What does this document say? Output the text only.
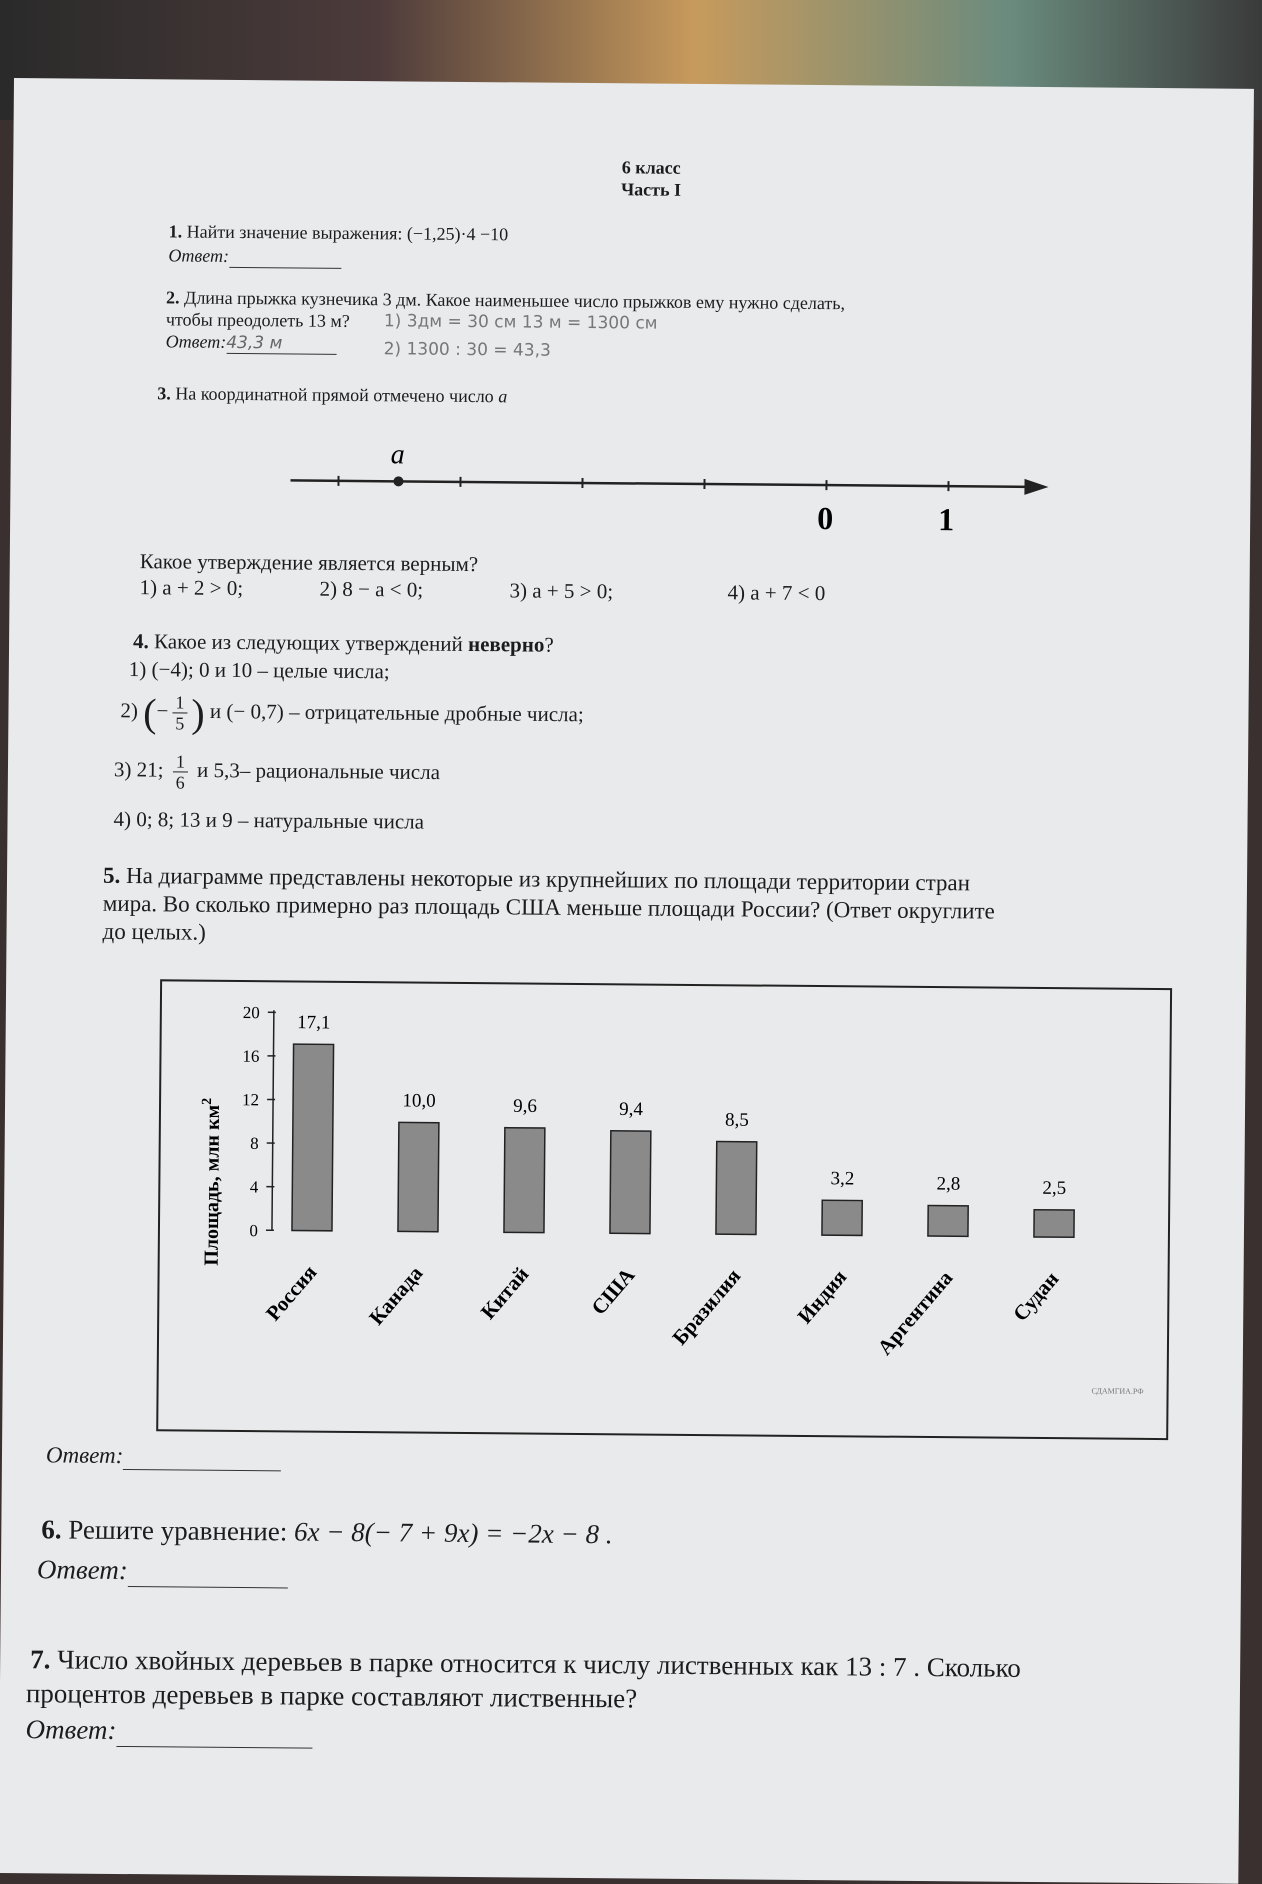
6 класс
Часть I
1. Найти значение выражения: (−1,25)·4 −10
Ответ:
2. Длина прыжка кузнечика 3 дм. Какое наименьшее число прыжков ему нужно сделать,
чтобы преодолеть 13 м? 1) 3дм = 30 см 13 м = 1300 см
Ответ:43,3 м	2) 1300 : 30 = 43,3
3. На координатной прямой отмечено число a
a
0	1
Какое утверждение является верным?
1) a + 2 > 0;	2) 8 − a < 0;	3) a + 5 > 0;	4) a + 7 < 0
4. Какое из следующих утверждений неверно?
1) (−4); 0 и 10 – целые числа;
2) (− $\frac{1}{5}$ ) и (− 0,7) – отрицательные дробные числа;
3) 21; $\frac{1}{6}$ и 5,3– рациональные числа
4) 0; 8; 13 и 9 – натуральные числа
5. На диаграмме представлены некоторые из крупнейших по площади территории стран
мира. Во сколько примерно раз площадь США меньше площади России? (Ответ округлите
до целых.)
Площадь, млн $км^2$
СДАМГИА.РФ
0
4
8
12
16
20 17,1
Россия
10,0
Канада
9,6
Китай
9,4
США
8,5
Бразилия
3,2
Индия
2,8
Аргентина
2,5
Судан
Ответ:
6. Решите уравнение: 6x − 8(− 7 + 9x) = −2x − 8 .
Ответ:
7. Число хвойных деревьев в парке относится к числу лиственных как 13 : 7 . Сколько
процентов деревьев в парке составляют лиственные?
Ответ:
